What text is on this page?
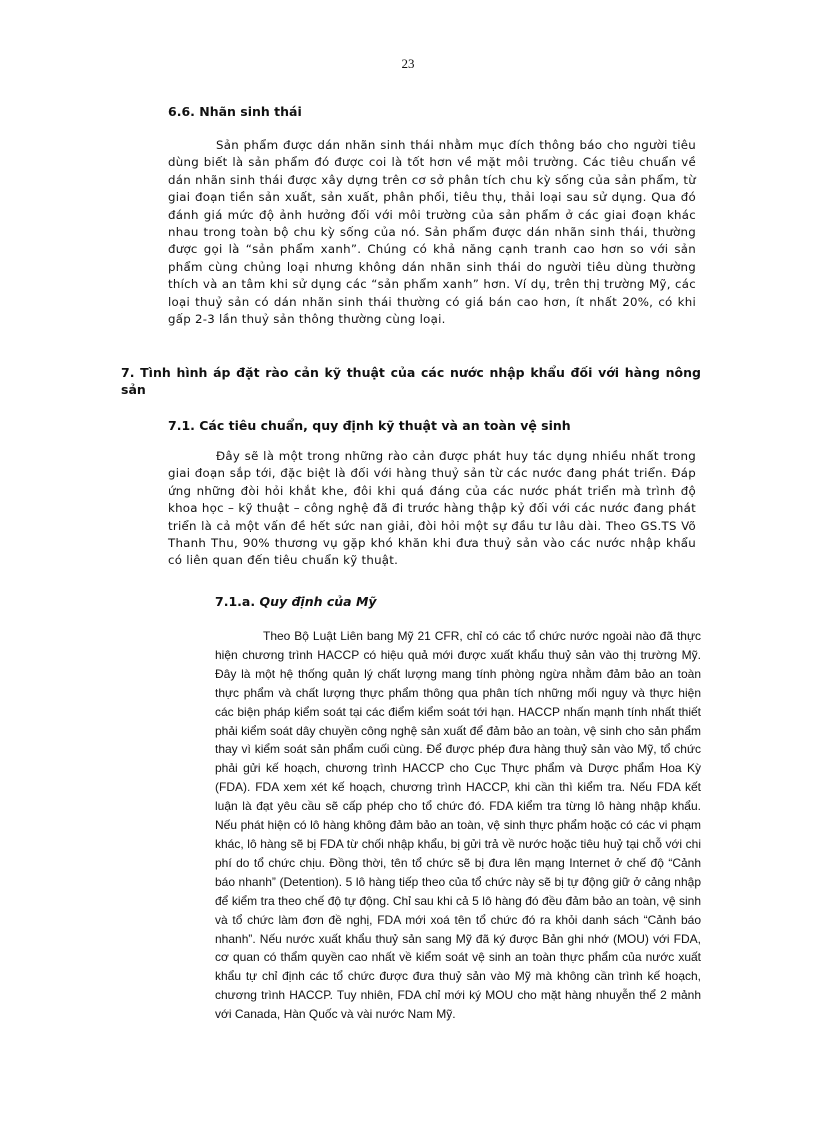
23
6.6. Nhãn sinh thái

Sản phẩm được dán nhãn sinh thái nhằm mục đích thông báo cho người tiêu dùng biết là sản phẩm đó được coi là tốt hơn về mặt môi trường. Các tiêu chuẩn về dán nhãn sinh thái được xây dựng trên cơ sở phân tích chu kỳ sống của sản phẩm, từ giai đoạn tiền sản xuất, sản xuất, phân phối, tiêu thụ, thải loại sau sử dụng. Qua đó đánh giá mức độ ảnh hưởng đối với môi trường của sản phẩm ở các giai đoạn khác nhau trong toàn bộ chu kỳ sống của nó. Sản phẩm được dán nhãn sinh thái, thường được gọi là “sản phẩm xanh”. Chúng có khả năng cạnh tranh cao hơn so với sản phẩm cùng chủng loại nhưng không dán nhãn sinh thái do người tiêu dùng thường thích và an tâm khi sử dụng các “sản phẩm xanh” hơn. Ví dụ, trên thị trường Mỹ, các loại thuỷ sản có dán nhãn sinh thái thường có giá bán cao hơn, ít nhất 20%, có khi gấp 2-3 lần thuỷ sản thông thường cùng loại.

7. Tình hình áp đặt rào cản kỹ thuật của các nước nhập khẩu đối với hàng nông sản
7.1. Các tiêu chuẩn, quy định kỹ thuật và an toàn vệ sinh

Đây sẽ là một trong những rào cản được phát huy tác dụng nhiều nhất trong giai đoạn sắp tới, đặc biệt là đối với hàng thuỷ sản từ các nước đang phát triển. Đáp ứng những đòi hỏi khắt khe, đôi khi quá đáng của các nước phát triển mà trình độ khoa học – kỹ thuật – công nghệ đã đi trước hàng thập kỷ đối với các nước đang phát triển là cả một vấn đề hết sức nan giải, đòi hỏi một sự đầu tư lâu dài. Theo GS.TS Võ Thanh Thu, 90% thương vụ gặp khó khăn khi đưa thuỷ sản vào các nước nhập khẩu có liên quan đến tiêu chuẩn kỹ thuật.

7.1.a. Quy định của Mỹ

Theo Bộ Luật Liên bang Mỹ 21 CFR, chỉ có các tổ chức nước ngoài nào đã thực hiện chương trình HACCP có hiệu quả mới được xuất khẩu thuỷ sản vào thị trường Mỹ. Đây là một hệ thống quản lý chất lượng mang tính phòng ngừa nhằm đảm bảo an toàn thực phẩm và chất lượng thực phẩm thông qua phân tích những mối nguy và thực hiện các biện pháp kiểm soát tại các điểm kiểm soát tới hạn. HACCP nhấn mạnh tính nhất thiết phải kiểm soát dây chuyền công nghệ sản xuất để đảm bảo an toàn, vệ sinh cho sản phẩm thay vì kiểm soát sản phẩm cuối cùng. Để được phép đưa hàng thuỷ sản vào Mỹ, tổ chức phải gửi kế hoạch, chương trình HACCP cho Cục Thực phẩm và Dược phẩm Hoa Kỳ (FDA). FDA xem xét kế hoạch, chương trình HACCP, khi cần thì kiểm tra. Nếu FDA kết luận là đạt yêu cầu sẽ cấp phép cho tổ chức đó. FDA kiểm tra từng lô hàng nhập khẩu. Nếu phát hiện có lô hàng không đảm bảo an toàn, vệ sinh thực phẩm hoặc có các vi phạm khác, lô hàng sẽ bị FDA từ chối nhập khẩu, bị gửi trả về nước hoặc tiêu huỷ tại chỗ với chi phí do tổ chức chịu. Đồng thời, tên tổ chức sẽ bị đưa lên mạng Internet ở chế độ “Cảnh báo nhanh” (Detention). 5 lô hàng tiếp theo của tổ chức này sẽ bị tự động giữ ở cảng nhập để kiểm tra theo chế độ tự động. Chỉ sau khi cả 5 lô hàng đó đều đảm bảo an toàn, vệ sinh và tổ chức làm đơn đề nghị, FDA mới xoá tên tổ chức đó ra khỏi danh sách “Cảnh báo nhanh”. Nếu nước xuất khẩu thuỷ sản sang Mỹ đã ký được Bản ghi nhớ (MOU) với FDA, cơ quan có thẩm quyền cao nhất về kiểm soát vệ sinh an toàn thực phẩm của nước xuất khẩu tự chỉ định các tổ chức được đưa thuỷ sản vào Mỹ mà không cần trình kế hoạch, chương trình HACCP. Tuy nhiên, FDA chỉ mới ký MOU cho mặt hàng nhuyễn thể 2 mảnh với Canada, Hàn Quốc và vài nước Nam Mỹ.
